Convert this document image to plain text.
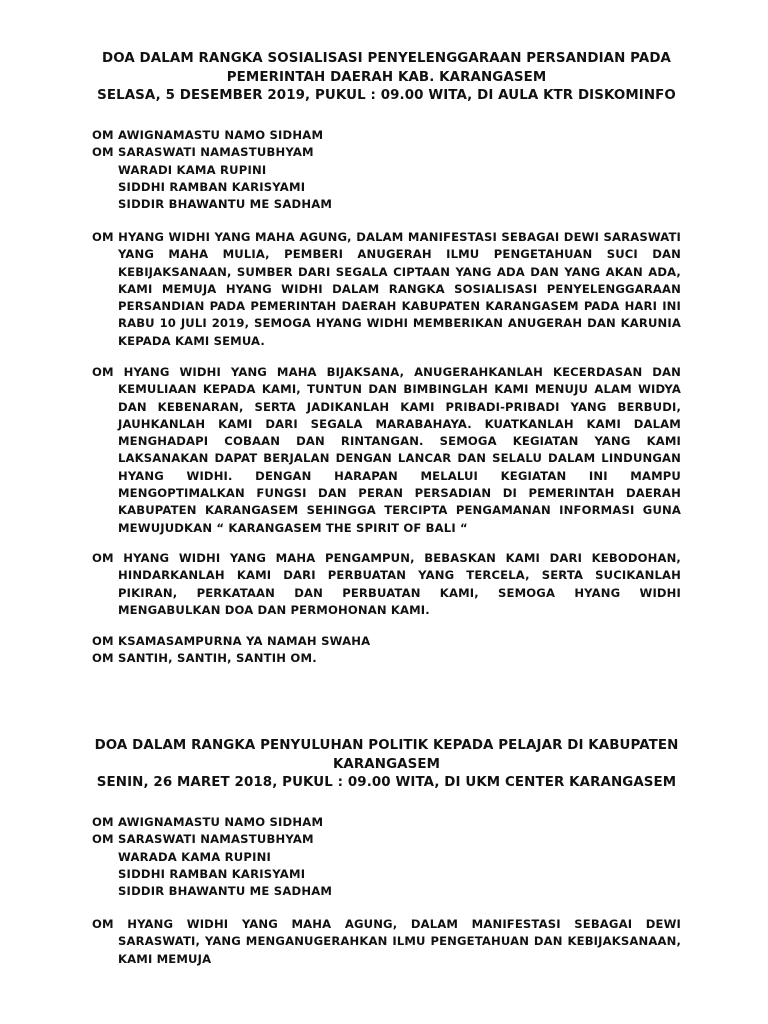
DOA DALAM RANGKA SOSIALISASI PENYELENGGARAAN PERSANDIAN PADA

PEMERINTAH DAERAH KAB. KARANGASEM

SELASA, 5 DESEMBER 2019, PUKUL : 09.00 WITA, DI AULA KTR DISKOMINFO

OM AWIGNAMASTU NAMO SIDHAM

OM SARASWATI NAMASTUBHYAM

WARADI KAMA RUPINI

SIDDHI RAMBAN KARISYAMI

SIDDIR BHAWANTU ME SADHAM

OM HYANG WIDHI YANG MAHA AGUNG, DALAM MANIFESTASI SEBAGAI DEWI SARASWATI YANG MAHA MULIA, PEMBERI ANUGERAH ILMU PENGETAHUAN SUCI DAN KEBIJAKSANAAN, SUMBER DARI SEGALA CIPTAAN YANG ADA DAN YANG AKAN ADA, KAMI MEMUJA HYANG WIDHI DALAM RANGKA SOSIALISASI PENYELENGGARAAN PERSANDIAN PADA PEMERINTAH DAERAH KABUPATEN KARANGASEM PADA HARI INI RABU 10 JULI 2019, SEMOGA HYANG WIDHI MEMBERIKAN ANUGERAH DAN KARUNIA KEPADA KAMI SEMUA.

OM HYANG WIDHI YANG MAHA BIJAKSANA, ANUGERAHKANLAH KECERDASAN DAN KEMULIAAN KEPADA KAMI, TUNTUN DAN BIMBINGLAH KAMI MENUJU ALAM WIDYA DAN KEBENARAN, SERTA JADIKANLAH KAMI PRIBADI-PRIBADI YANG BERBUDI, JAUHKANLAH KAMI DARI SEGALA MARABAHAYA. KUATKANLAH KAMI DALAM MENGHADAPI COBAAN DAN RINTANGAN. SEMOGA KEGIATAN YANG KAMI LAKSANAKAN DAPAT BERJALAN DENGAN LANCAR DAN SELALU DALAM LINDUNGAN HYANG WIDHI. DENGAN HARAPAN MELALUI KEGIATAN INI MAMPU MENGOPTIMALKAN FUNGSI DAN PERAN PERSADIAN DI PEMERINTAH DAERAH KABUPATEN KARANGASEM SEHINGGA TERCIPTA PENGAMANAN INFORMASI GUNA MEWUJUDKAN “ KARANGASEM THE SPIRIT OF BALI “

OM HYANG WIDHI YANG MAHA PENGAMPUN, BEBASKAN KAMI DARI KEBODOHAN, HINDARKANLAH KAMI DARI PERBUATAN YANG TERCELA, SERTA SUCIKANLAH PIKIRAN, PERKATAAN DAN PERBUATAN KAMI, SEMOGA HYANG WIDHI MENGABULKAN DOA DAN PERMOHONAN KAMI.

OM KSAMASAMPURNA YA NAMAH SWAHA

OM SANTIH, SANTIH, SANTIH OM.

DOA DALAM RANGKA PENYULUHAN POLITIK KEPADA PELAJAR DI KABUPATEN

KARANGASEM

SENIN, 26 MARET 2018, PUKUL : 09.00 WITA, DI UKM CENTER KARANGASEM

OM AWIGNAMASTU NAMO SIDHAM

OM SARASWATI NAMASTUBHYAM

WARADA KAMA RUPINI

SIDDHI RAMBAN KARISYAMI

SIDDIR BHAWANTU ME SADHAM

OM HYANG WIDHI YANG MAHA AGUNG, DALAM MANIFESTASI SEBAGAI DEWI SARASWATI, YANG MENGANUGERAHKAN ILMU PENGETAHUAN DAN KEBIJAKSANAAN, KAMI MEMUJA
